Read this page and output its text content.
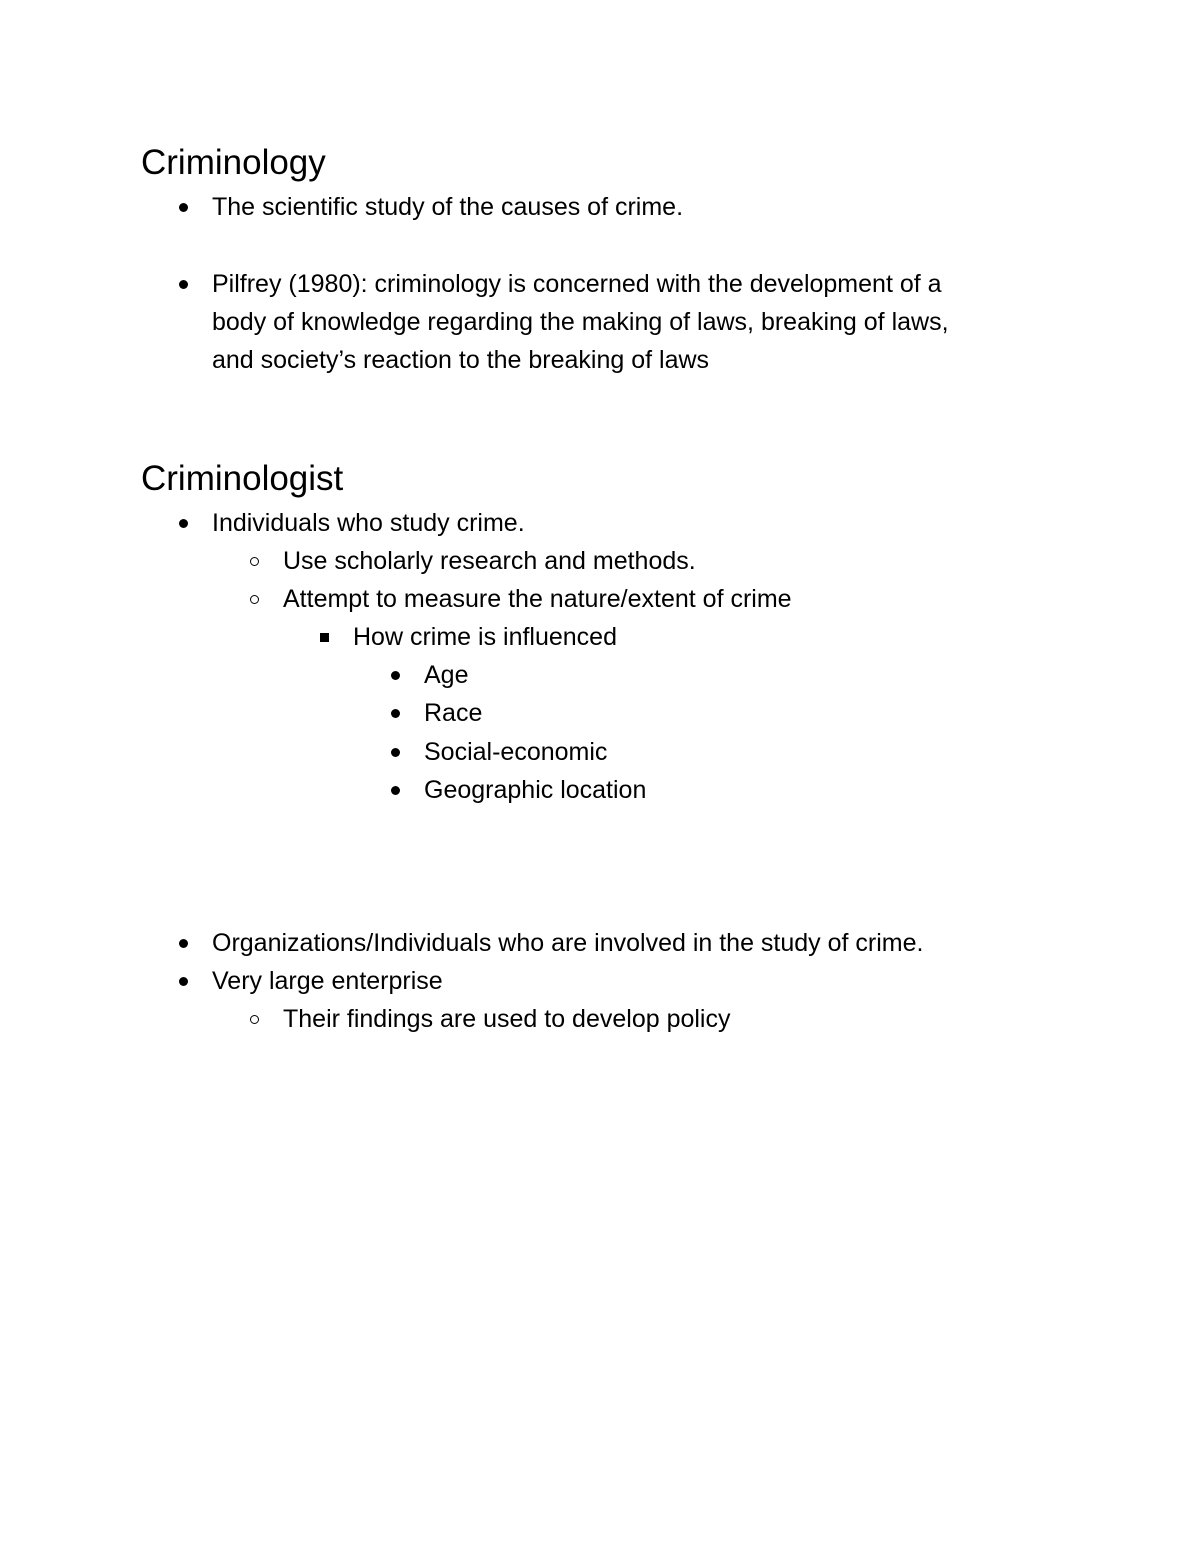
Criminology
The scientific study of the causes of crime.
Pilfrey (1980): criminology is concerned with the development of a
body of knowledge regarding the making of laws, breaking of laws,
and society’s reaction to the breaking of laws
Criminologist
Individuals who study crime.
Use scholarly research and methods.
Attempt to measure the nature/extent of crime
How crime is influenced
Age
Race
Social-economic
Geographic location
Organizations/Individuals who are involved in the study of crime.
Very large enterprise
Their findings are used to develop policy
